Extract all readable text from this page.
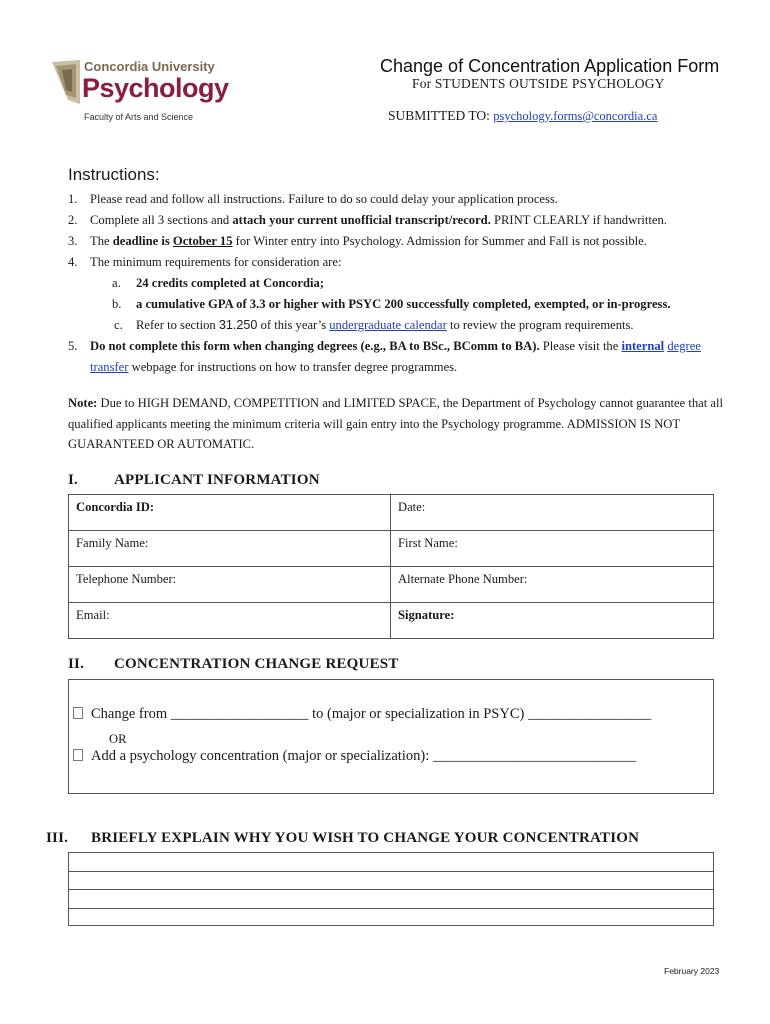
Concordia University
Psychology
Faculty of Arts and Science
Change of Concentration Application Form
For STUDENTS OUTSIDE PSYCHOLOGY
SUBMITTED TO: psychology.forms@concordia.ca
Instructions:
1. Please read and follow all instructions. Failure to do so could delay your application process.
2. Complete all 3 sections and attach your current unofficial transcript/record. PRINT CLEARLY if handwritten.
3. The deadline is October 15 for Winter entry into Psychology. Admission for Summer and Fall is not possible.
4. The minimum requirements for consideration are:
a. 24 credits completed at Concordia;
b. a cumulative GPA of 3.3 or higher with PSYC 200 successfully completed, exempted, or in-progress.
c. Refer to section 31.250 of this year’s undergraduate calendar to review the program requirements.
5. Do not complete this form when changing degrees (e.g., BA to BSc., BComm to BA). Please visit the internal degree transfer webpage for instructions on how to transfer degree programmes.
Note: Due to HIGH DEMAND, COMPETITION and LIMITED SPACE, the Department of Psychology cannot guarantee that all qualified applicants meeting the minimum criteria will gain entry into the Psychology programme. ADMISSION IS NOT GUARANTEED OR AUTOMATIC.
I. APPLICANT INFORMATION
Concordia ID:	Date:
Family Name:	First Name:
Telephone Number:	Alternate Phone Number:
Email:	Signature:
II. CONCENTRATION CHANGE REQUEST
Change from ___________________ to (major or specialization in PSYC) _________________
OR
Add a psychology concentration (major or specialization): ____________________________
III. BRIEFLY EXPLAIN WHY YOU WISH TO CHANGE YOUR CONCENTRATION
February 2023
